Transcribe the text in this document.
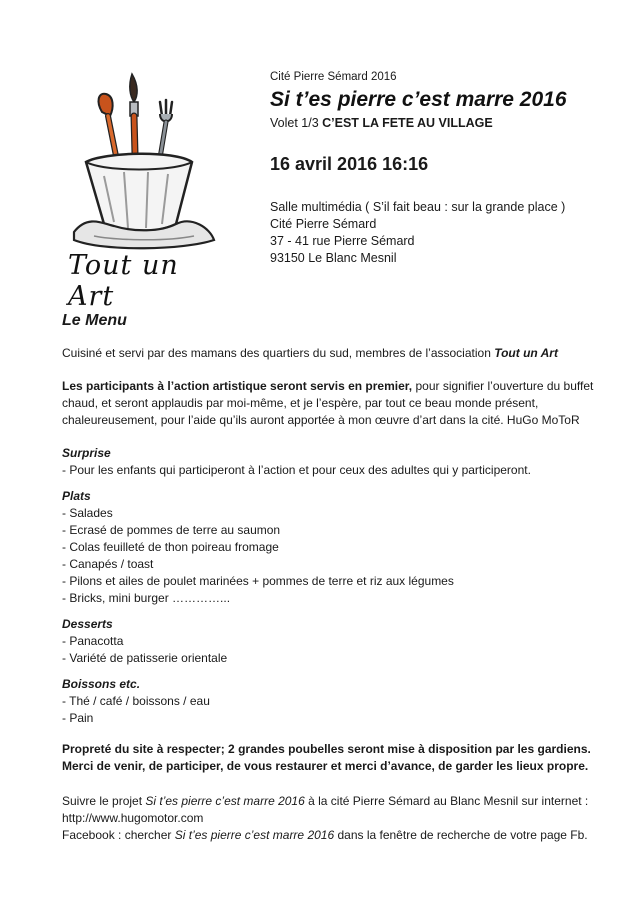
Tout un Art
Cité Pierre Sémard 2016
Si t’es pierre c’est marre 2016
Volet 1/3 C’EST LA FETE AU VILLAGE
16 avril 2016 16:16
Salle multimédia ( S’il fait beau : sur la grande place )
Cité Pierre Sémard
37 - 41 rue Pierre Sémard
93150 Le Blanc Mesnil
Le Menu

Cuisiné et servi par des mamans des quartiers du sud, membres de l’association Tout un Art

Les participants à l’action artistique seront servis en premier, pour signifier l’ouverture du buffet chaud, et seront applaudis par moi-même, et je l’espère, par tout ce beau monde présent, chaleureusement, pour l’aide qu’ils auront apportée à mon œuvre d’art dans la cité. HuGo MoToR

Surprise
- Pour les enfants qui participeront à l’action et pour ceux des adultes qui y participeront.
Plats
- Salades
- Ecrasé de pommes de terre au saumon
- Colas feuilleté de thon poireau fromage
- Canapés / toast
- Pilons et ailes de poulet marinées + pommes de terre et riz aux légumes
- Bricks, mini burger …………...
Desserts
- Panacotta
- Variété de patisserie orientale
Boissons etc.
- Thé / café / boissons / eau
- Pain
Propreté du site à respecter; 2 grandes poubelles seront mise à disposition par les gardiens.
Merci de venir, de participer, de vous restaurer et merci d’avance, de garder les lieux propre.
Suivre le projet Si t’es pierre c’est marre 2016 à la cité Pierre Sémard au Blanc Mesnil sur internet :
http://www.hugomotor.com
Facebook : chercher Si t’es pierre c’est marre 2016 dans la fenêtre de recherche de votre page Fb.
